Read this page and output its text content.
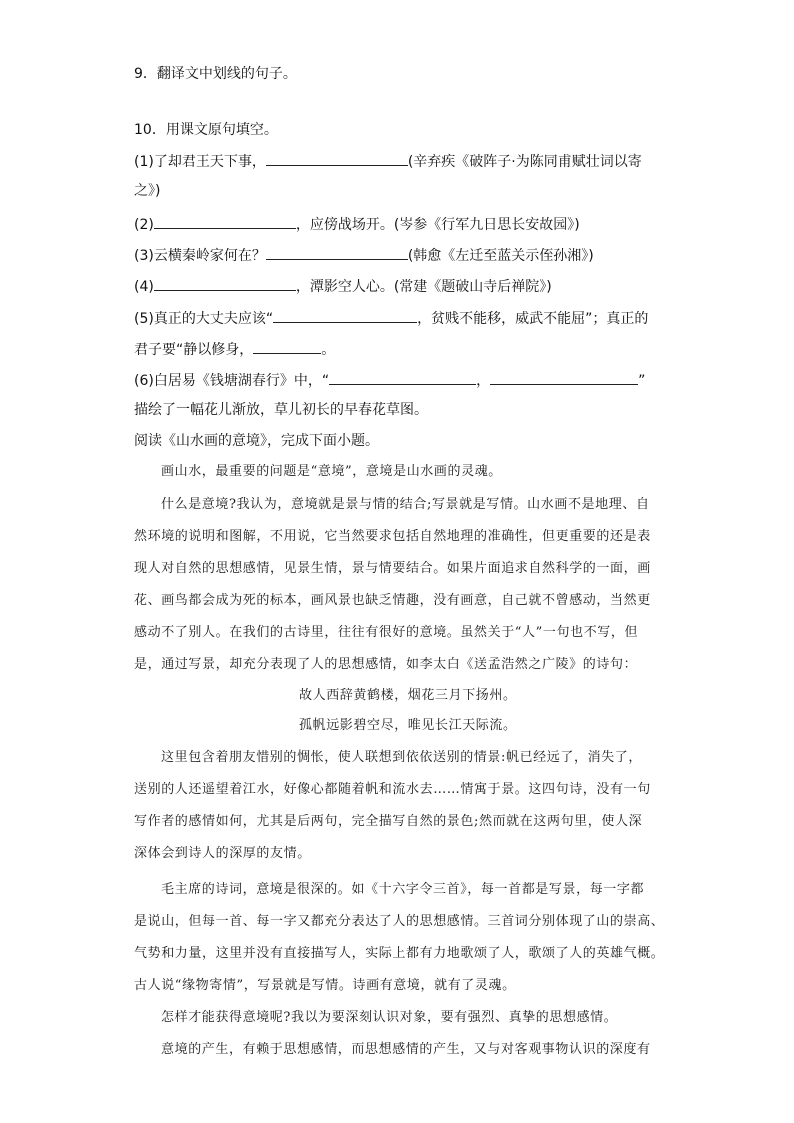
9．翻译文中划线的句子。
10．用课文原句填空。
(1)了却君王天下事，	(辛弃疾《破阵子·为陈同甫赋壮词以寄
之》)
(2)	，应傍战场开。(岑参《行军九日思长安故园》)
(3)云横秦岭家何在？	(韩愈《左迁至蓝关示侄孙湘》)
(4)	，潭影空人心。(常建《题破山寺后禅院》)
(5)真正的大丈夫应该“	，贫贱不能移，威武不能屈”；真正的
君子要“静以修身，	。
(6)白居易《钱塘湖春行》中，“	，	”
描绘了一幅花儿渐放，草儿初长的早春花草图。
阅读《山水画的意境》，完成下面小题。
画山水，最重要的问题是“意境”，意境是山水画的灵魂。
什么是意境?我认为，意境就是景与情的结合;写景就是写情。山水画不是地理、自
然环境的说明和图解，不用说，它当然要求包括自然地理的准确性，但更重要的还是表
现人对自然的思想感情，见景生情，景与情要结合。如果片面追求自然科学的一面，画
花、画鸟都会成为死的标本，画风景也缺乏情趣，没有画意，自己就不曾感动，当然更
感动不了别人。在我们的古诗里，往往有很好的意境。虽然关于“人”一句也不写，但
是，通过写景，却充分表现了人的思想感情，如李太白《送孟浩然之广陵》的诗句：
故人西辞黄鹤楼，烟花三月下扬州。
孤帆远影碧空尽，唯见长江天际流。
这里包含着朋友惜别的惆怅，使人联想到依依送别的情景:帆已经远了，消失了，
送别的人还遥望着江水，好像心都随着帆和流水去……情寓于景。这四句诗，没有一句
写作者的感情如何，尤其是后两句，完全描写自然的景色;然而就在这两句里，使人深
深体会到诗人的深厚的友情。
毛主席的诗词，意境是很深的。如《十六字令三首》，每一首都是写景，每一字都
是说山，但每一首、每一字又都充分表达了人的思想感情。三首词分别体现了山的崇高、
气势和力量，这里并没有直接描写人，实际上都有力地歌颂了人，歌颂了人的英雄气概。
古人说“缘物寄情”，写景就是写情。诗画有意境，就有了灵魂。
怎样才能获得意境呢?我以为要深刻认识对象，要有强烈、真挚的思想感情。
意境的产生，有赖于思想感情，而思想感情的产生，又与对客观事物认识的深度有
